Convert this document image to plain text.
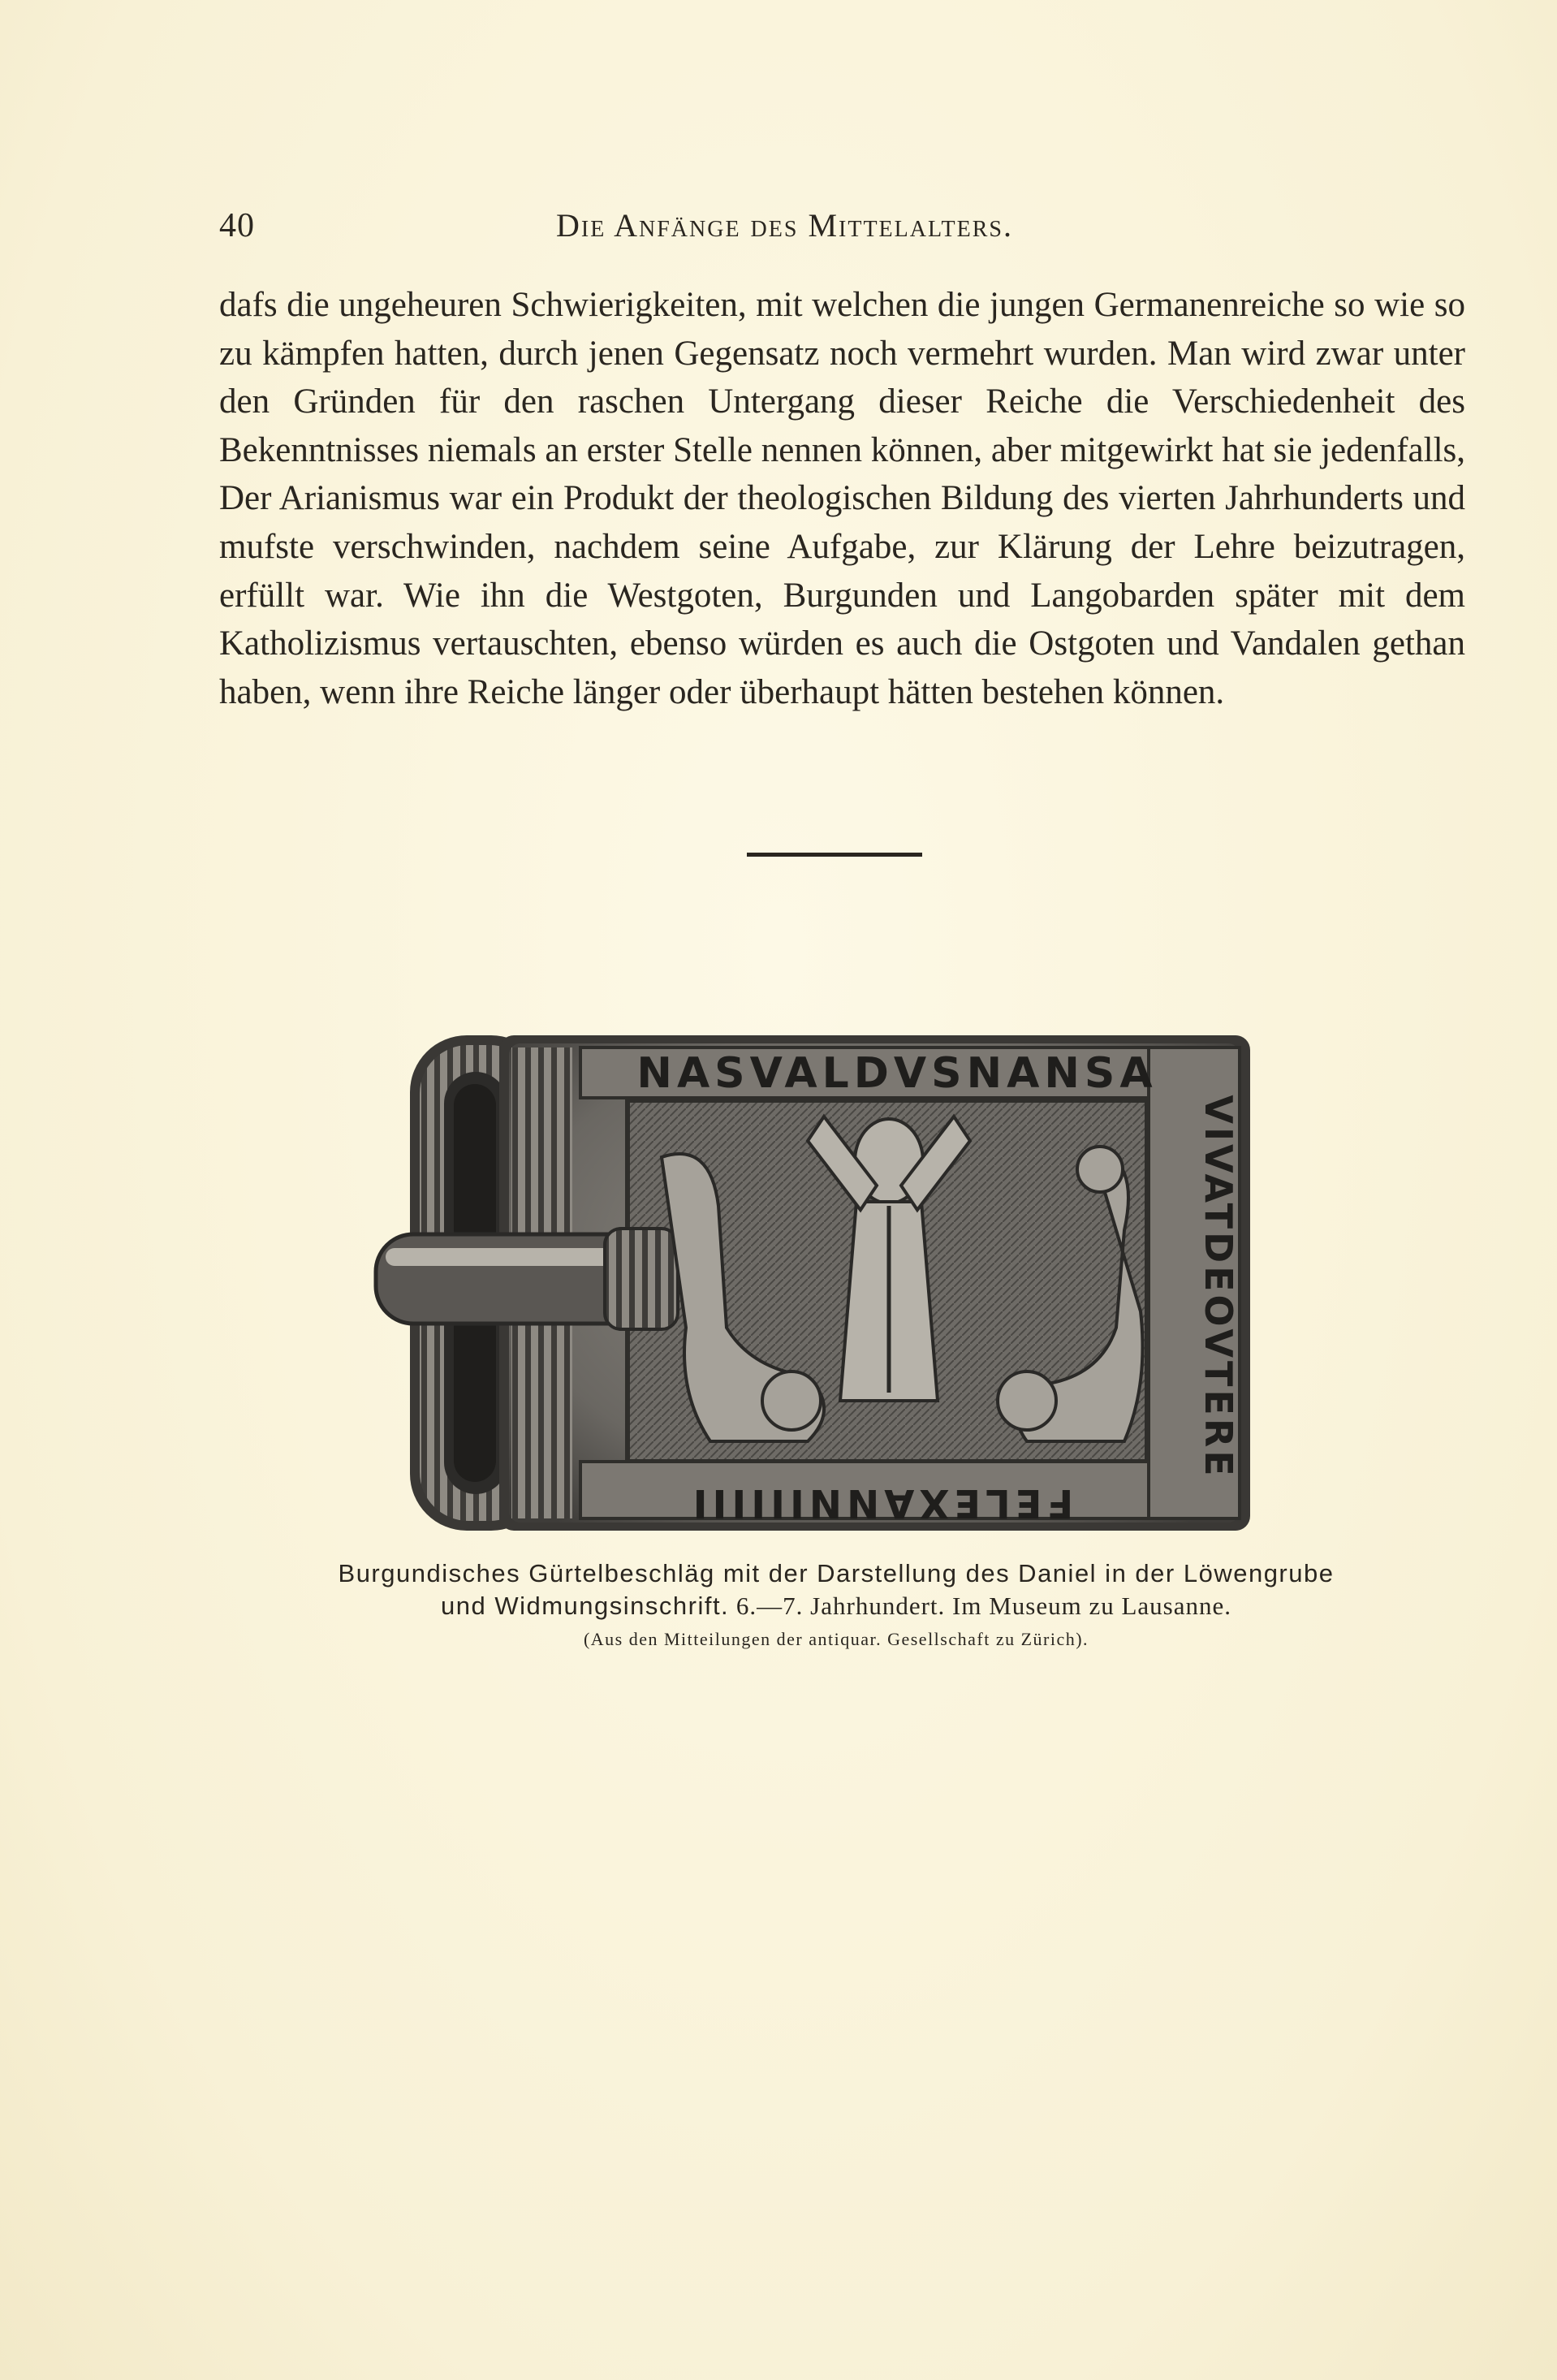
40	Die Anfänge des Mittelalters.

dafs die ungeheuren Schwierigkeiten, mit welchen die jungen Germanenreiche so wie so zu kämpfen hatten, durch jenen Gegensatz noch vermehrt wurden. Man wird zwar unter den Gründen für den raschen Untergang dieser Reiche die Verschiedenheit des Bekenntnisses niemals an erster Stelle nennen können, aber mitgewirkt hat sie jedenfalls, Der Arianismus war ein Produkt der theologischen Bildung des vierten Jahrhunderts und mufste verschwinden, nachdem seine Aufgabe, zur Klärung der Lehre beizutragen, erfüllt war. Wie ihn die Westgoten, Burgunden und Langobarden später mit dem Katholizismus vertauschten, ebenso würden es auch die Ostgoten und Vandalen gethan haben, wenn ihre Reiche länger oder überhaupt hätten bestehen können.

NASVALDVSNANSA
VIVATDEOVTERE
FELEXANNIIIIII
Burgundisches Gürtelbeschläg mit der Darstellung des Daniel in der Löwengrube
und Widmungsinschrift. 6.—7. Jahrhundert. Im Museum zu Lausanne.
(Aus den Mitteilungen der antiquar. Gesellschaft zu Zürich).
